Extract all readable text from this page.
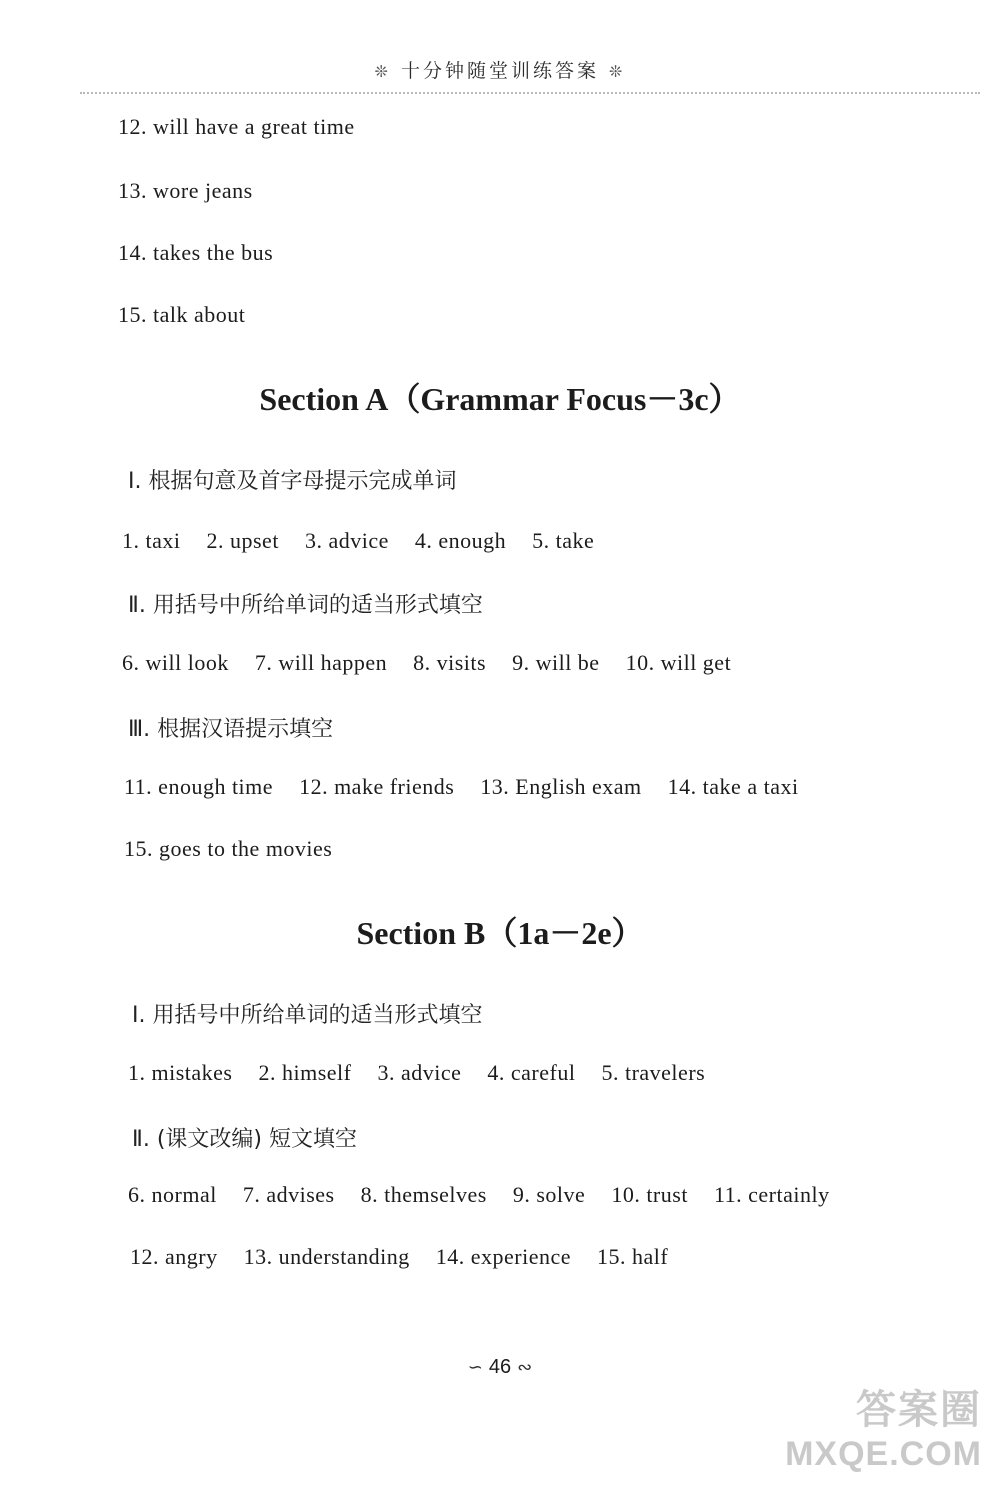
❊ 十分钟随堂训练答案 ❊
12. will have a great time
13. wore jeans
14. takes the bus
15. talk about
Section A（Grammar Focus－3c）
Ⅰ. 根据句意及首字母提示完成单词
1. taxi 2. upset 3. advice 4. enough 5. take
Ⅱ. 用括号中所给单词的适当形式填空
6. will look 7. will happen 8. visits 9. will be 10. will get
Ⅲ. 根据汉语提示填空
11. enough time 12. make friends 13. English exam 14. take a taxi
15. goes to the movies
Section B（1a－2e）
Ⅰ. 用括号中所给单词的适当形式填空
1. mistakes 2. himself 3. advice 4. careful 5. travelers
Ⅱ. (课文改编) 短文填空
6. normal 7. advises 8. themselves 9. solve 10. trust 11. certainly
12. angry 13. understanding 14. experience 15. half
∽ 46 ∾
答案圈
MXQE.COM
